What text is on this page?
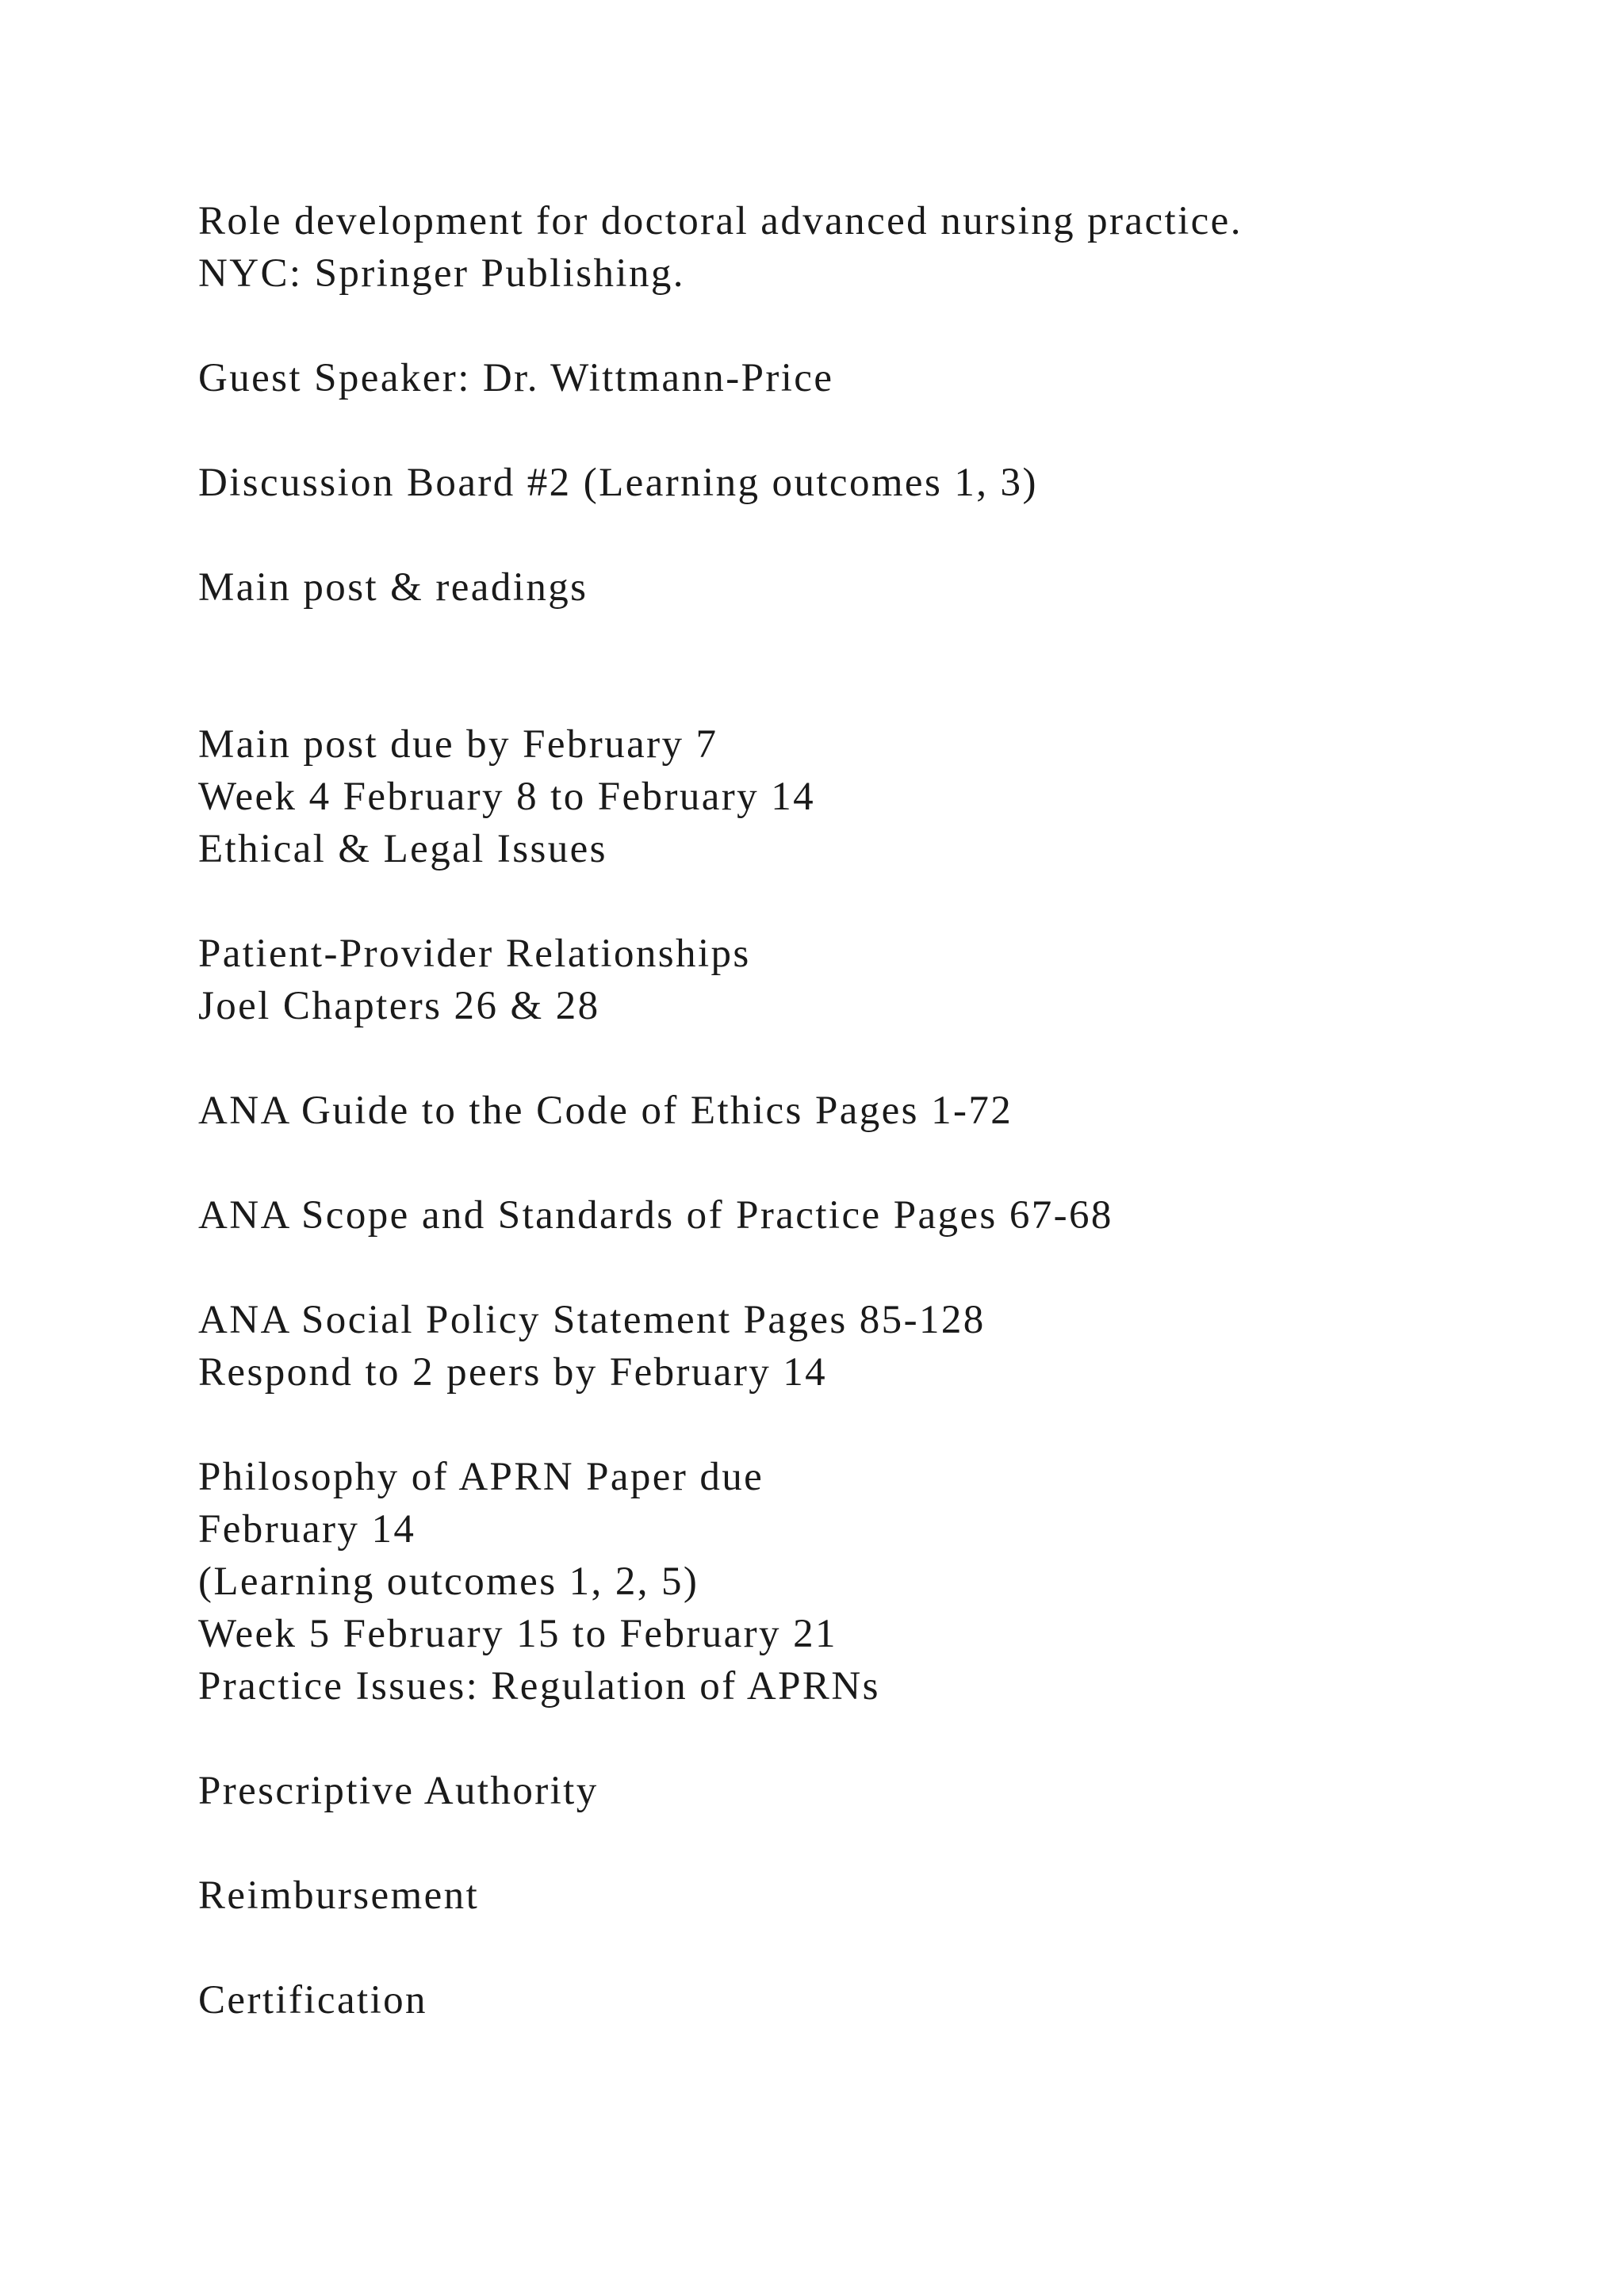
Role development for doctoral advanced nursing practice.
NYC: Springer Publishing.
Guest Speaker: Dr. Wittmann-Price
Discussion Board #2 (Learning outcomes 1, 3)
Main post & readings
Main post due by February 7
Week 4 February 8 to February 14
Ethical & Legal Issues
Patient-Provider Relationships
Joel Chapters 26 & 28
ANA Guide to the Code of Ethics Pages 1-72
ANA Scope and Standards of Practice Pages 67-68
ANA Social Policy Statement Pages 85-128
Respond to 2 peers by February 14
Philosophy of APRN Paper due
February 14
(Learning outcomes 1, 2, 5)
Week 5 February 15 to February 21
Practice Issues: Regulation of APRNs
Prescriptive Authority
Reimbursement
Certification
